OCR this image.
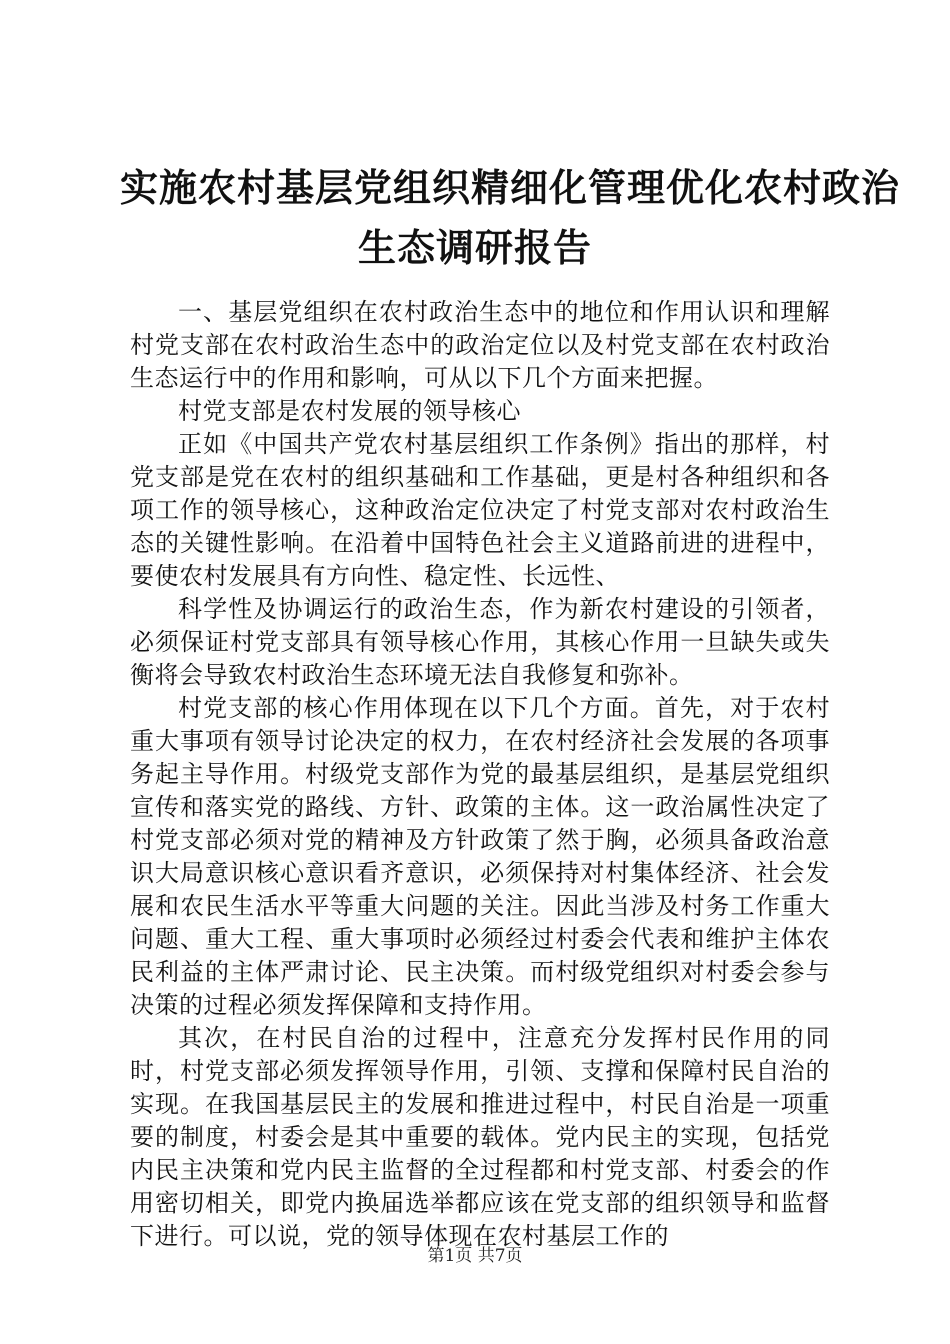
实施农村基层党组织精细化管理优化农村政治
生态调研报告

一、基层党组织在农村政治生态中的地位和作用认识和理解村党支部在农村政治生态中的政治定位以及村党支部在农村政治生态运行中的作用和影响，可从以下几个方面来把握。

村党支部是农村发展的领导核心

正如《中国共产党农村基层组织工作条例》指出的那样，村党支部是党在农村的组织基础和工作基础，更是村各种组织和各项工作的领导核心，这种政治定位决定了村党支部对农村政治生态的关键性影响。在沿着中国特色社会主义道路前进的进程中，要使农村发展具有方向性、稳定性、长远性、

科学性及协调运行的政治生态，作为新农村建设的引领者，必须保证村党支部具有领导核心作用，其核心作用一旦缺失或失衡将会导致农村政治生态环境无法自我修复和弥补。

村党支部的核心作用体现在以下几个方面。首先，对于农村重大事项有领导讨论决定的权力，在农村经济社会发展的各项事务起主导作用。村级党支部作为党的最基层组织，是基层党组织宣传和落实党的路线、方针、政策的主体。这一政治属性决定了村党支部必须对党的精神及方针政策了然于胸，必须具备政治意识大局意识核心意识看齐意识，必须保持对村集体经济、社会发展和农民生活水平等重大问题的关注。因此当涉及村务工作重大问题、重大工程、重大事项时必须经过村委会代表和维护主体农民利益的主体严肃讨论、民主决策。而村级党组织对村委会参与决策的过程必须发挥保障和支持作用。

其次，在村民自治的过程中，注意充分发挥村民作用的同时，村党支部必须发挥领导作用，引领、支撑和保障村民自治的实现。在我国基层民主的发展和推进过程中，村民自治是一项重要的制度，村委会是其中重要的载体。党内民主的实现，包括党内民主决策和党内民主监督的全过程都和村党支部、村委会的作用密切相关，即党内换届选举都应该在党支部的组织领导和监督下进行。可以说，党的领导体现在农村基层工作的

第1页 共7页
